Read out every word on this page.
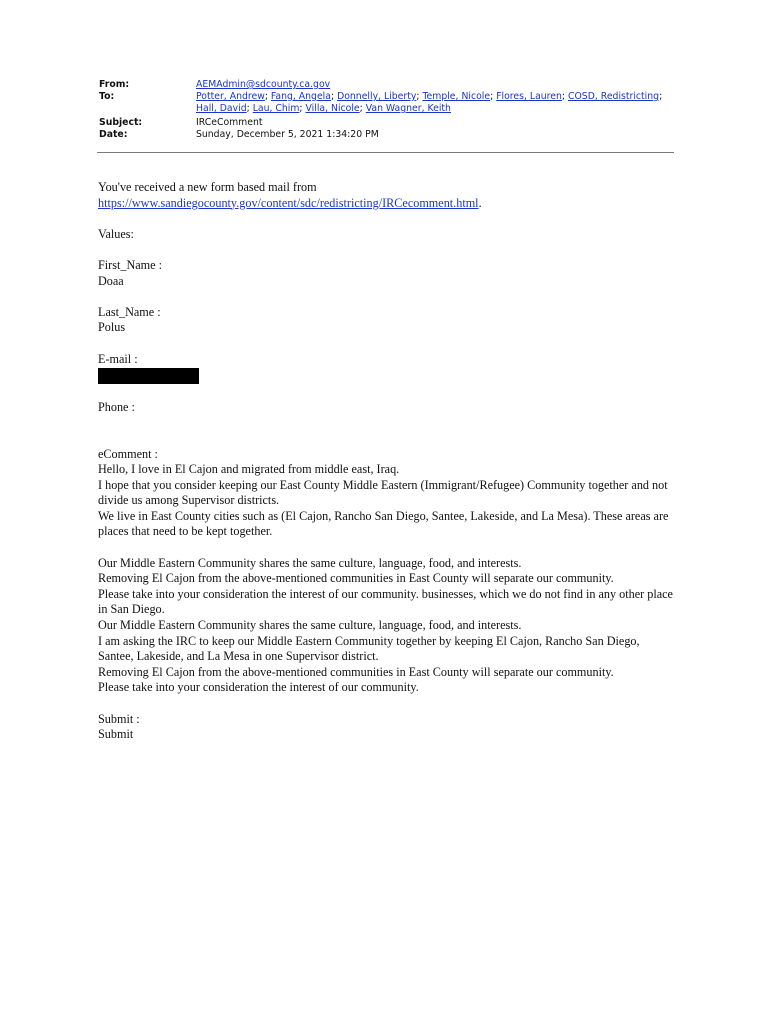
From:	AEMAdmin@sdcounty.ca.gov
To:	Potter, Andrew; Fang, Angela; Donnelly, Liberty; Temple, Nicole; Flores, Lauren; COSD, Redistricting; Hall, David; Lau, Chim; Villa, Nicole; Van Wagner, Keith
Subject:	IRCeComment
Date:	Sunday, December 5, 2021 1:34:20 PM

You've received a new form based mail from

https://www.sandiegocounty.gov/content/sdc/redistricting/IRCecomment.html.

Values:

First_Name :

Doaa

Last_Name :

Polus

E-mail :

Phone :

eComment :

Hello, I love in El Cajon and migrated from middle east, Iraq.

I hope that you consider keeping our East County Middle Eastern (Immigrant/Refugee) Community together and not divide us among Supervisor districts.

We live in East County cities such as (El Cajon, Rancho San Diego, Santee, Lakeside, and La Mesa). These areas are places that need to be kept together.

Our Middle Eastern Community shares the same culture, language, food, and interests.

Removing El Cajon from the above-mentioned communities in East County will separate our community.

Please take into your consideration the interest of our community. businesses, which we do not find in any other place in San Diego.

Our Middle Eastern Community shares the same culture, language, food, and interests.

I am asking the IRC to keep our Middle Eastern Community together by keeping El Cajon, Rancho San Diego, Santee, Lakeside, and La Mesa in one Supervisor district.

Removing El Cajon from the above-mentioned communities in East County will separate our community.

Please take into your consideration the interest of our community.

Submit :

Submit
